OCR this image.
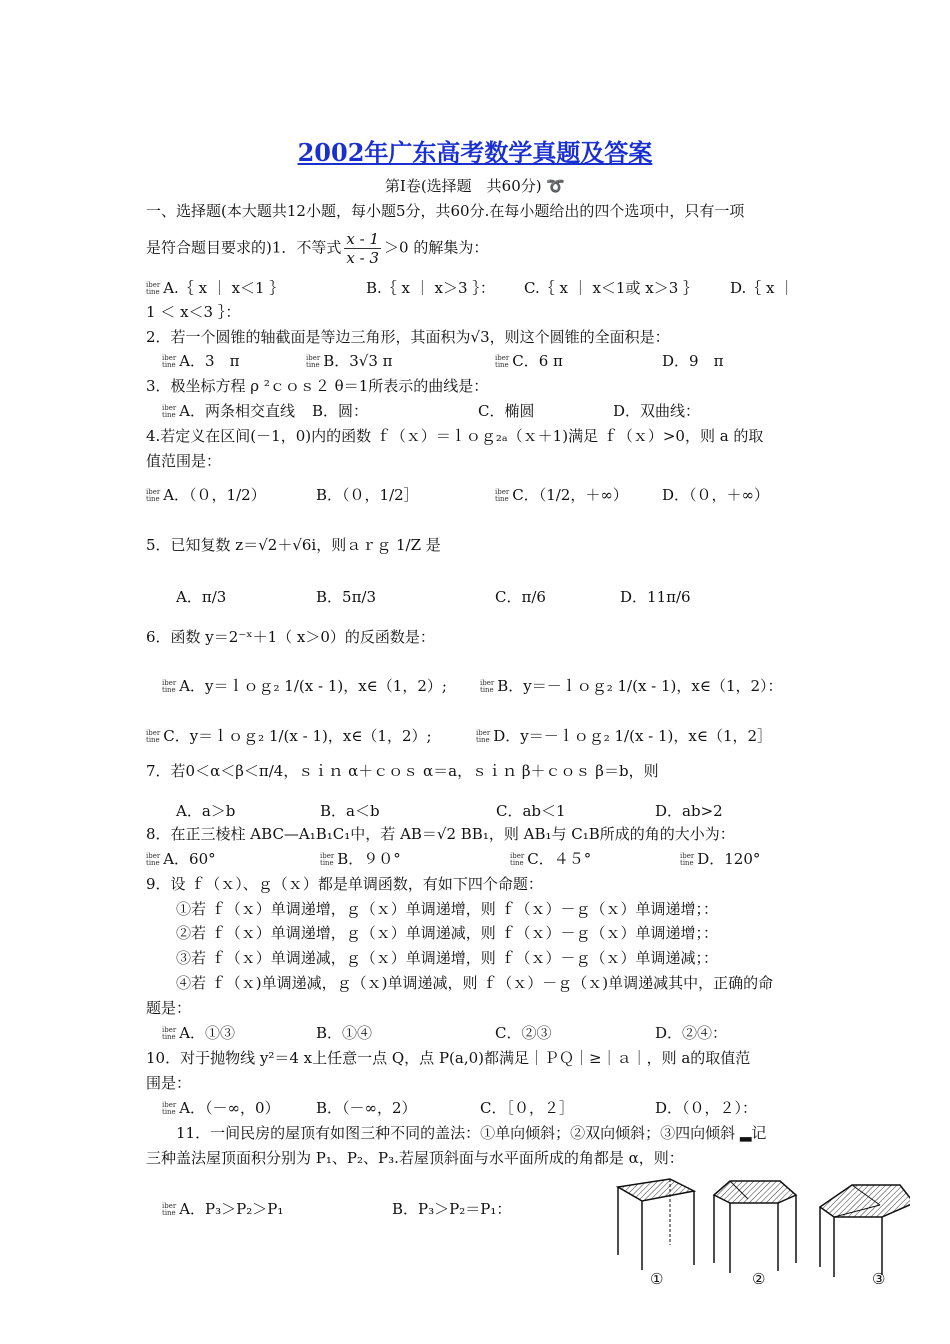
2002年广东高考数学真题及答案
第Ⅰ卷(选择题　共60分) ➰
一、选择题(本大题共12小题，每小题5分，共60分.在每小题给出的四个选项中，只有一项
是符合题目要求的)1．不等式 $\frac{x - 1}{x - 3} >0$ 的解集为：
iber
tine A.｛ x ｜ x＜1 ｝	B.｛ x ｜ x＞3 ｝： C.｛ x ｜ x＜1或 x＞3 ｝ D.｛ x ｜
1 ＜ x＜3 ｝：
2．若一个圆锥的轴截面是等边三角形，其面积为√3，则这个圆锥的全面积是：
iber
tine A．3　π	iber
tine B．3√3 π	iber
tine C．6 π	D．9　π
3．极坐标方程 ρ ²ｃｏｓ２ θ＝1所表示的曲线是：
iber
tine A．两条相交直线 B．圆：	C．椭圆	D．双曲线：
4.若定义在区间(－1，0)内的函数 ｆ（ｘ）＝ｌｏｇ₂ₐ（ｘ＋1)满足 ｆ（ｘ）>0，则 a 的取
值范围是：
iber
tine A．（０，1/2）	B．（０，1/2］	iber
tine C．（1/2，＋∞） D．（０，＋∞）
5．已知复数 z＝√2＋√6i，则ａｒｇ 1/Z 是
A．π/3	B．5π/3	C．π/6	D．11π/6
6．函数 y＝2⁻ˣ＋1（ x＞0）的反函数是：
iber
tine A．y＝ｌｏｇ₂ 1/(x - 1)，x∈（1，2）;	iber
tine B．y＝－ｌｏｇ₂ 1/(x - 1)，x∈（1，2）：
iber
tine C．y＝ｌｏｇ₂ 1/(x - 1)，x∈（1，2）;	iber
tine D．y＝－ｌｏｇ₂ 1/(x - 1)，x∈（1，2］
7．若0＜α＜β＜π/4，ｓｉｎ α＋ｃｏｓ α＝a，ｓｉｎ β＋ｃｏｓ β＝b，则
A．a＞b	B．a＜b	C．ab＜1	D．ab>2
8．在正三棱柱 ABC—A₁B₁C₁中，若 AB＝√2 BB₁，则 AB₁与 C₁B所成的角的大小为：
iber
tine A．60°	iber
tine B．９０°	iber
tine C．４５°	iber
tine D．120°
9．设 ｆ（ｘ）、ｇ（ｘ）都是单调函数，有如下四个命题：
①若 ｆ（ｘ）单调递增，ｇ（ｘ）单调递增，则 ｆ（ｘ）－ｇ（ｘ）单调递增；：
②若 ｆ（ｘ）单调递增，ｇ（ｘ）单调递减，则 ｆ（ｘ）－ｇ（ｘ）单调递增；：
③若 ｆ（ｘ）单调递减，ｇ（ｘ）单调递增，则 ｆ（ｘ）－ｇ（ｘ）单调递减；：
④若 ｆ（ｘ)单调递减，ｇ（ｘ)单调递减，则 ｆ（ｘ）－ｇ（ｘ)单调递减其中，正确的命
题是：
iber
tine A．①③	B．①④	C．②③	D．②④：
10．对于抛物线 y²＝4 x上任意一点 Q，点 P(a,0)都满足｜ＰＱ｜≥｜ａ｜，则 a的取值范
围是：
iber
tine A．（－∞，0） B．（－∞，2）	C．［０，２］	D．（０，２）：
11．一间民房的屋顶有如图三种不同的盖法：①单向倾斜；②双向倾斜；③四向倾斜 ▂记
三种盖法屋顶面积分别为 P₁、P₂、P₃.若屋顶斜面与水平面所成的角都是 α，则：
iber
tine A．P₃＞P₂＞P₁	B．P₃＞P₂＝P₁：
①	②	③
